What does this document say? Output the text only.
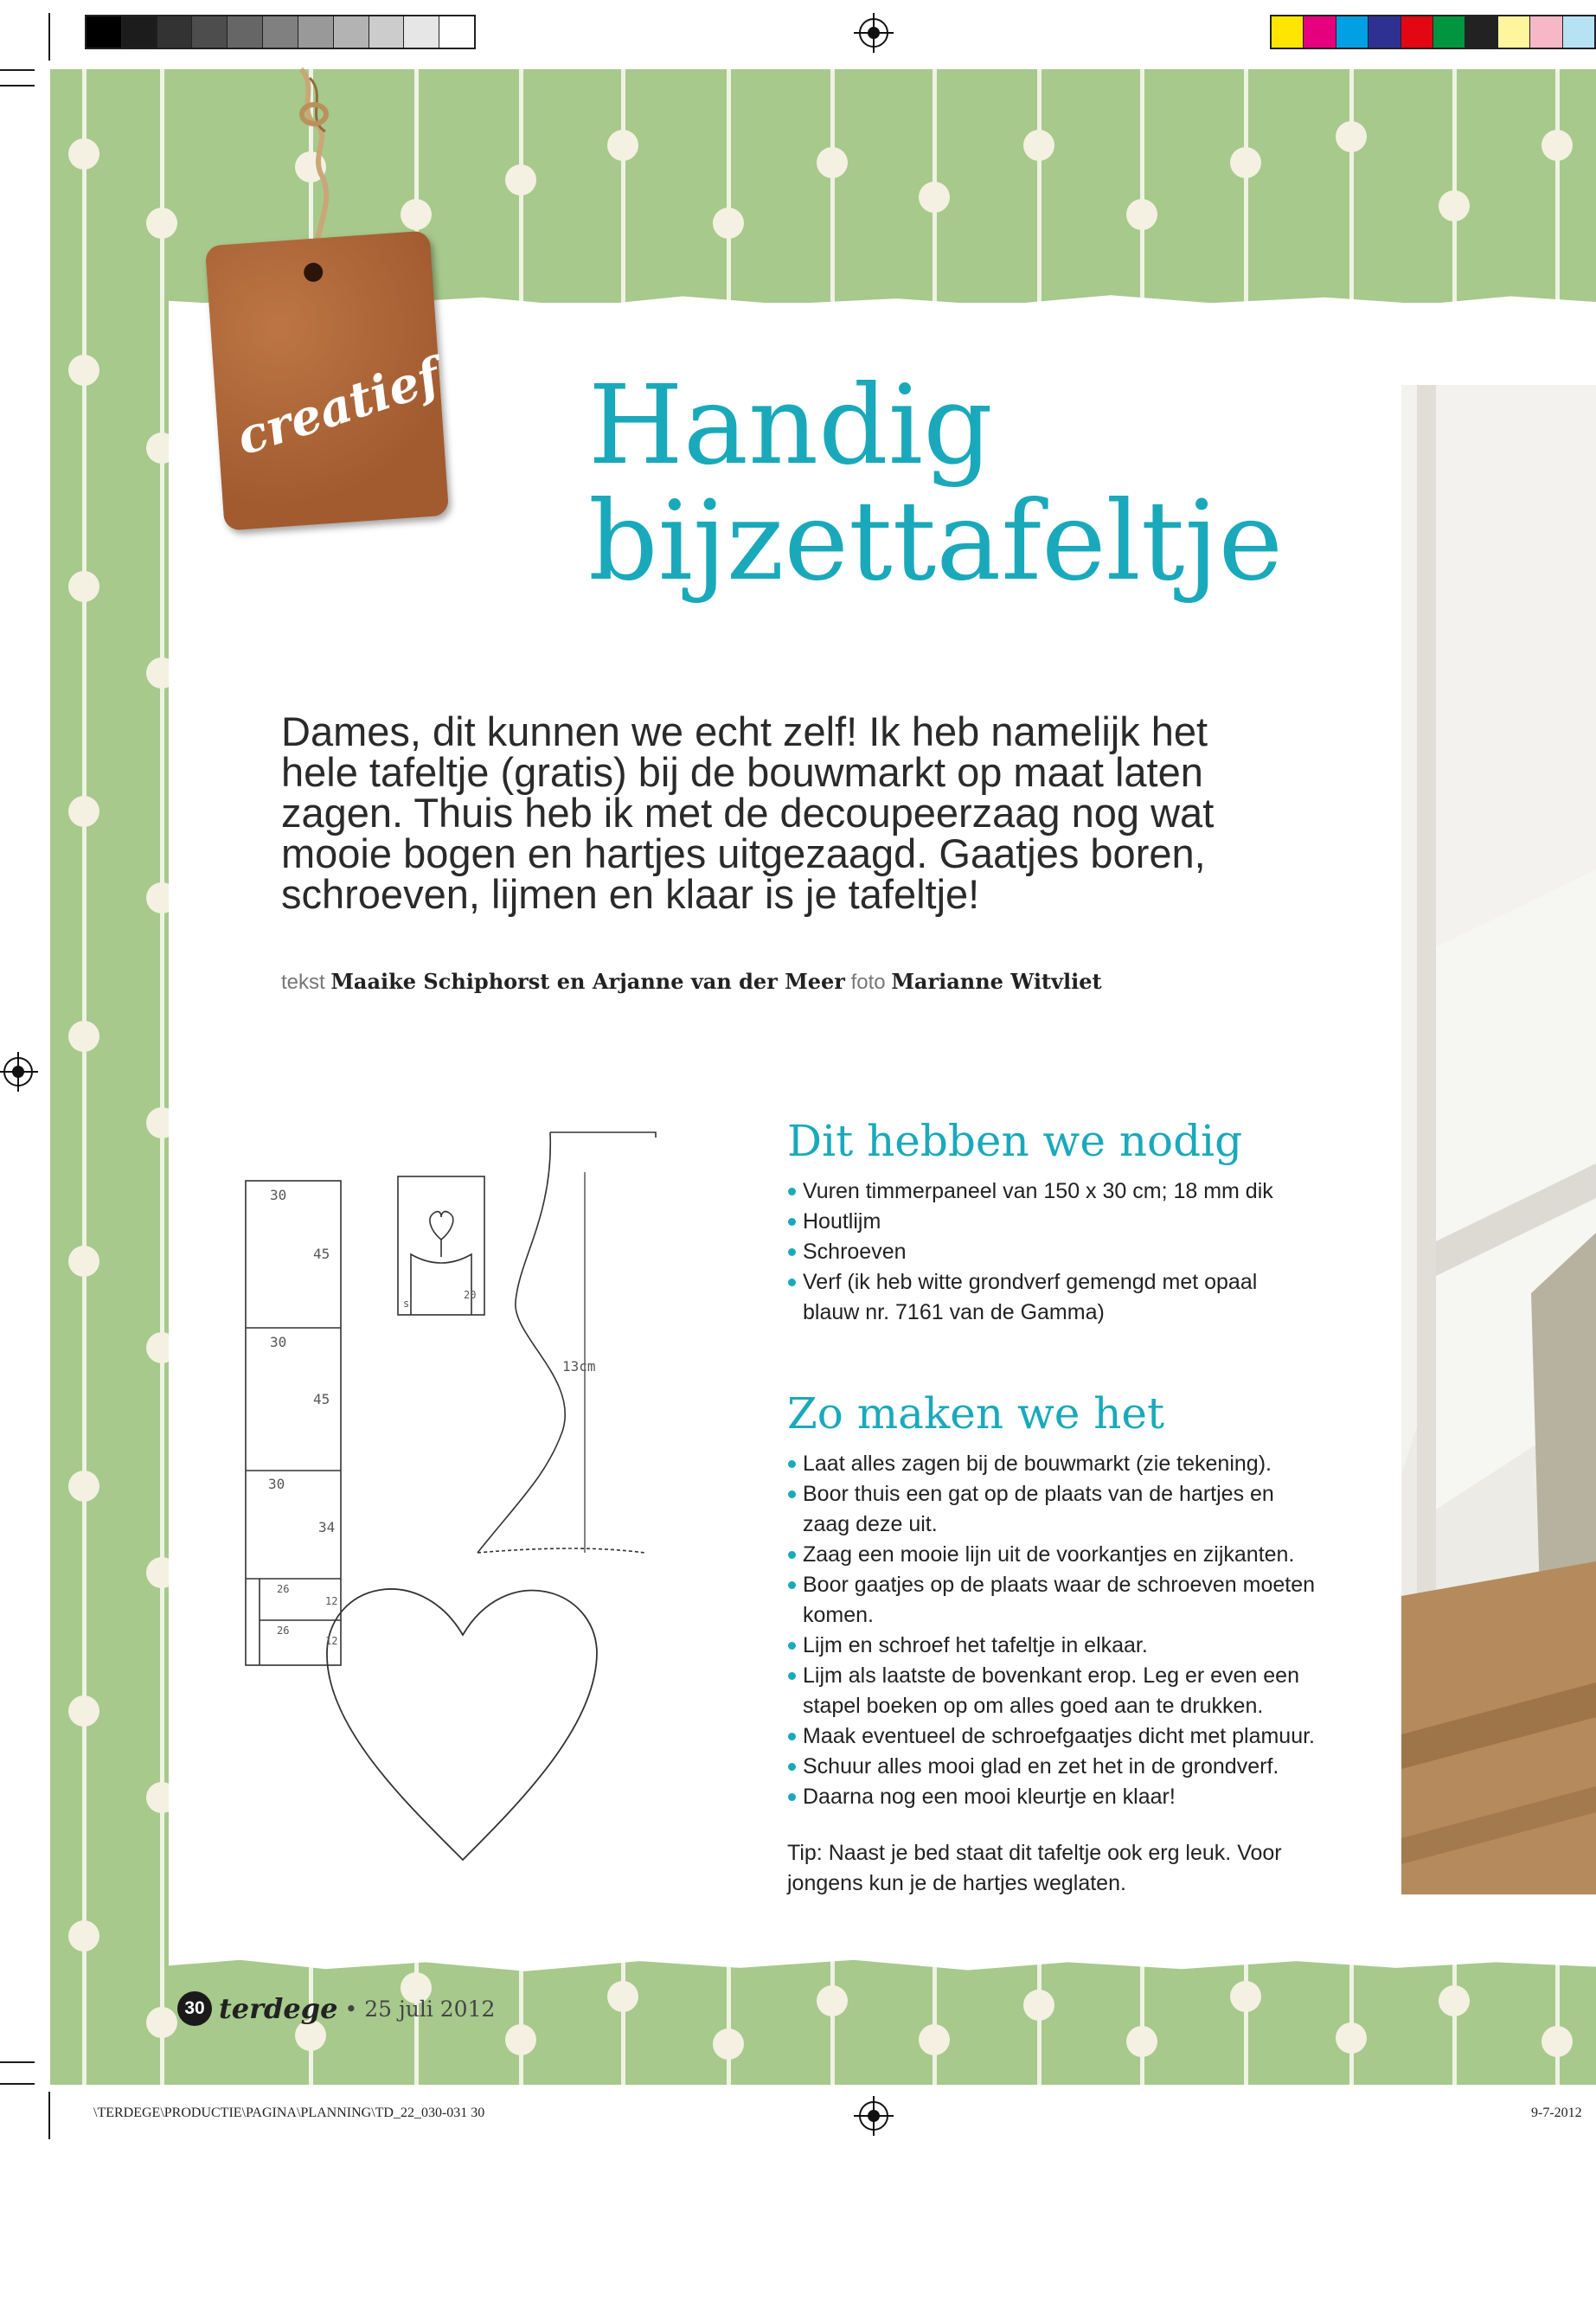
creatief Handig
bijzettafeltje

Dames, dit kunnen we echt zelf! Ik heb namelijk het
hele tafeltje (gratis) bij de bouwmarkt op maat laten
zagen. Thuis heb ik met de decoupeerzaag nog wat
mooie bogen en hartjes uitgezaagd. Gaatjes boren,
schroeven, lijmen en klaar is je tafeltje!

tekst Maaike Schiphorst en Arjanne van der Meer foto Marianne Witvliet

30
45
30
45
30
34
26
12
26
12
s
20
13cm
Dit hebben we nodig
Vuren timmerpaneel van 150 x 30 cm; 18 mm dik
Houtlijm
Schroeven
Verf (ik heb witte grondverf gemengd met opaal
blauw nr. 7161 van de Gamma)
Zo maken we het
Laat alles zagen bij de bouwmarkt (zie tekening).
Boor thuis een gat op de plaats van de hartjes en
zaag deze uit.
Zaag een mooie lijn uit de voorkantjes en zijkanten.
Boor gaatjes op de plaats waar de schroeven moeten
komen.
Lijm en schroef het tafeltje in elkaar.
Lijm als laatste de bovenkant erop. Leg er even een
stapel boeken op om alles goed aan te drukken.
Maak eventueel de schroefgaatjes dicht met plamuur.
Schuur alles mooi glad en zet het in de grondverf.
Daarna nog een mooi kleurtje en klaar!

Tip: Naast je bed staat dit tafeltje ook erg leuk. Voor
jongens kun je de hartjes weglaten.

30 terdege • 25 juli 2012
\TERDEGE\PRODUCTIE\PAGINA\PLANNING\TD_22_030-031 30	9-7-2012
